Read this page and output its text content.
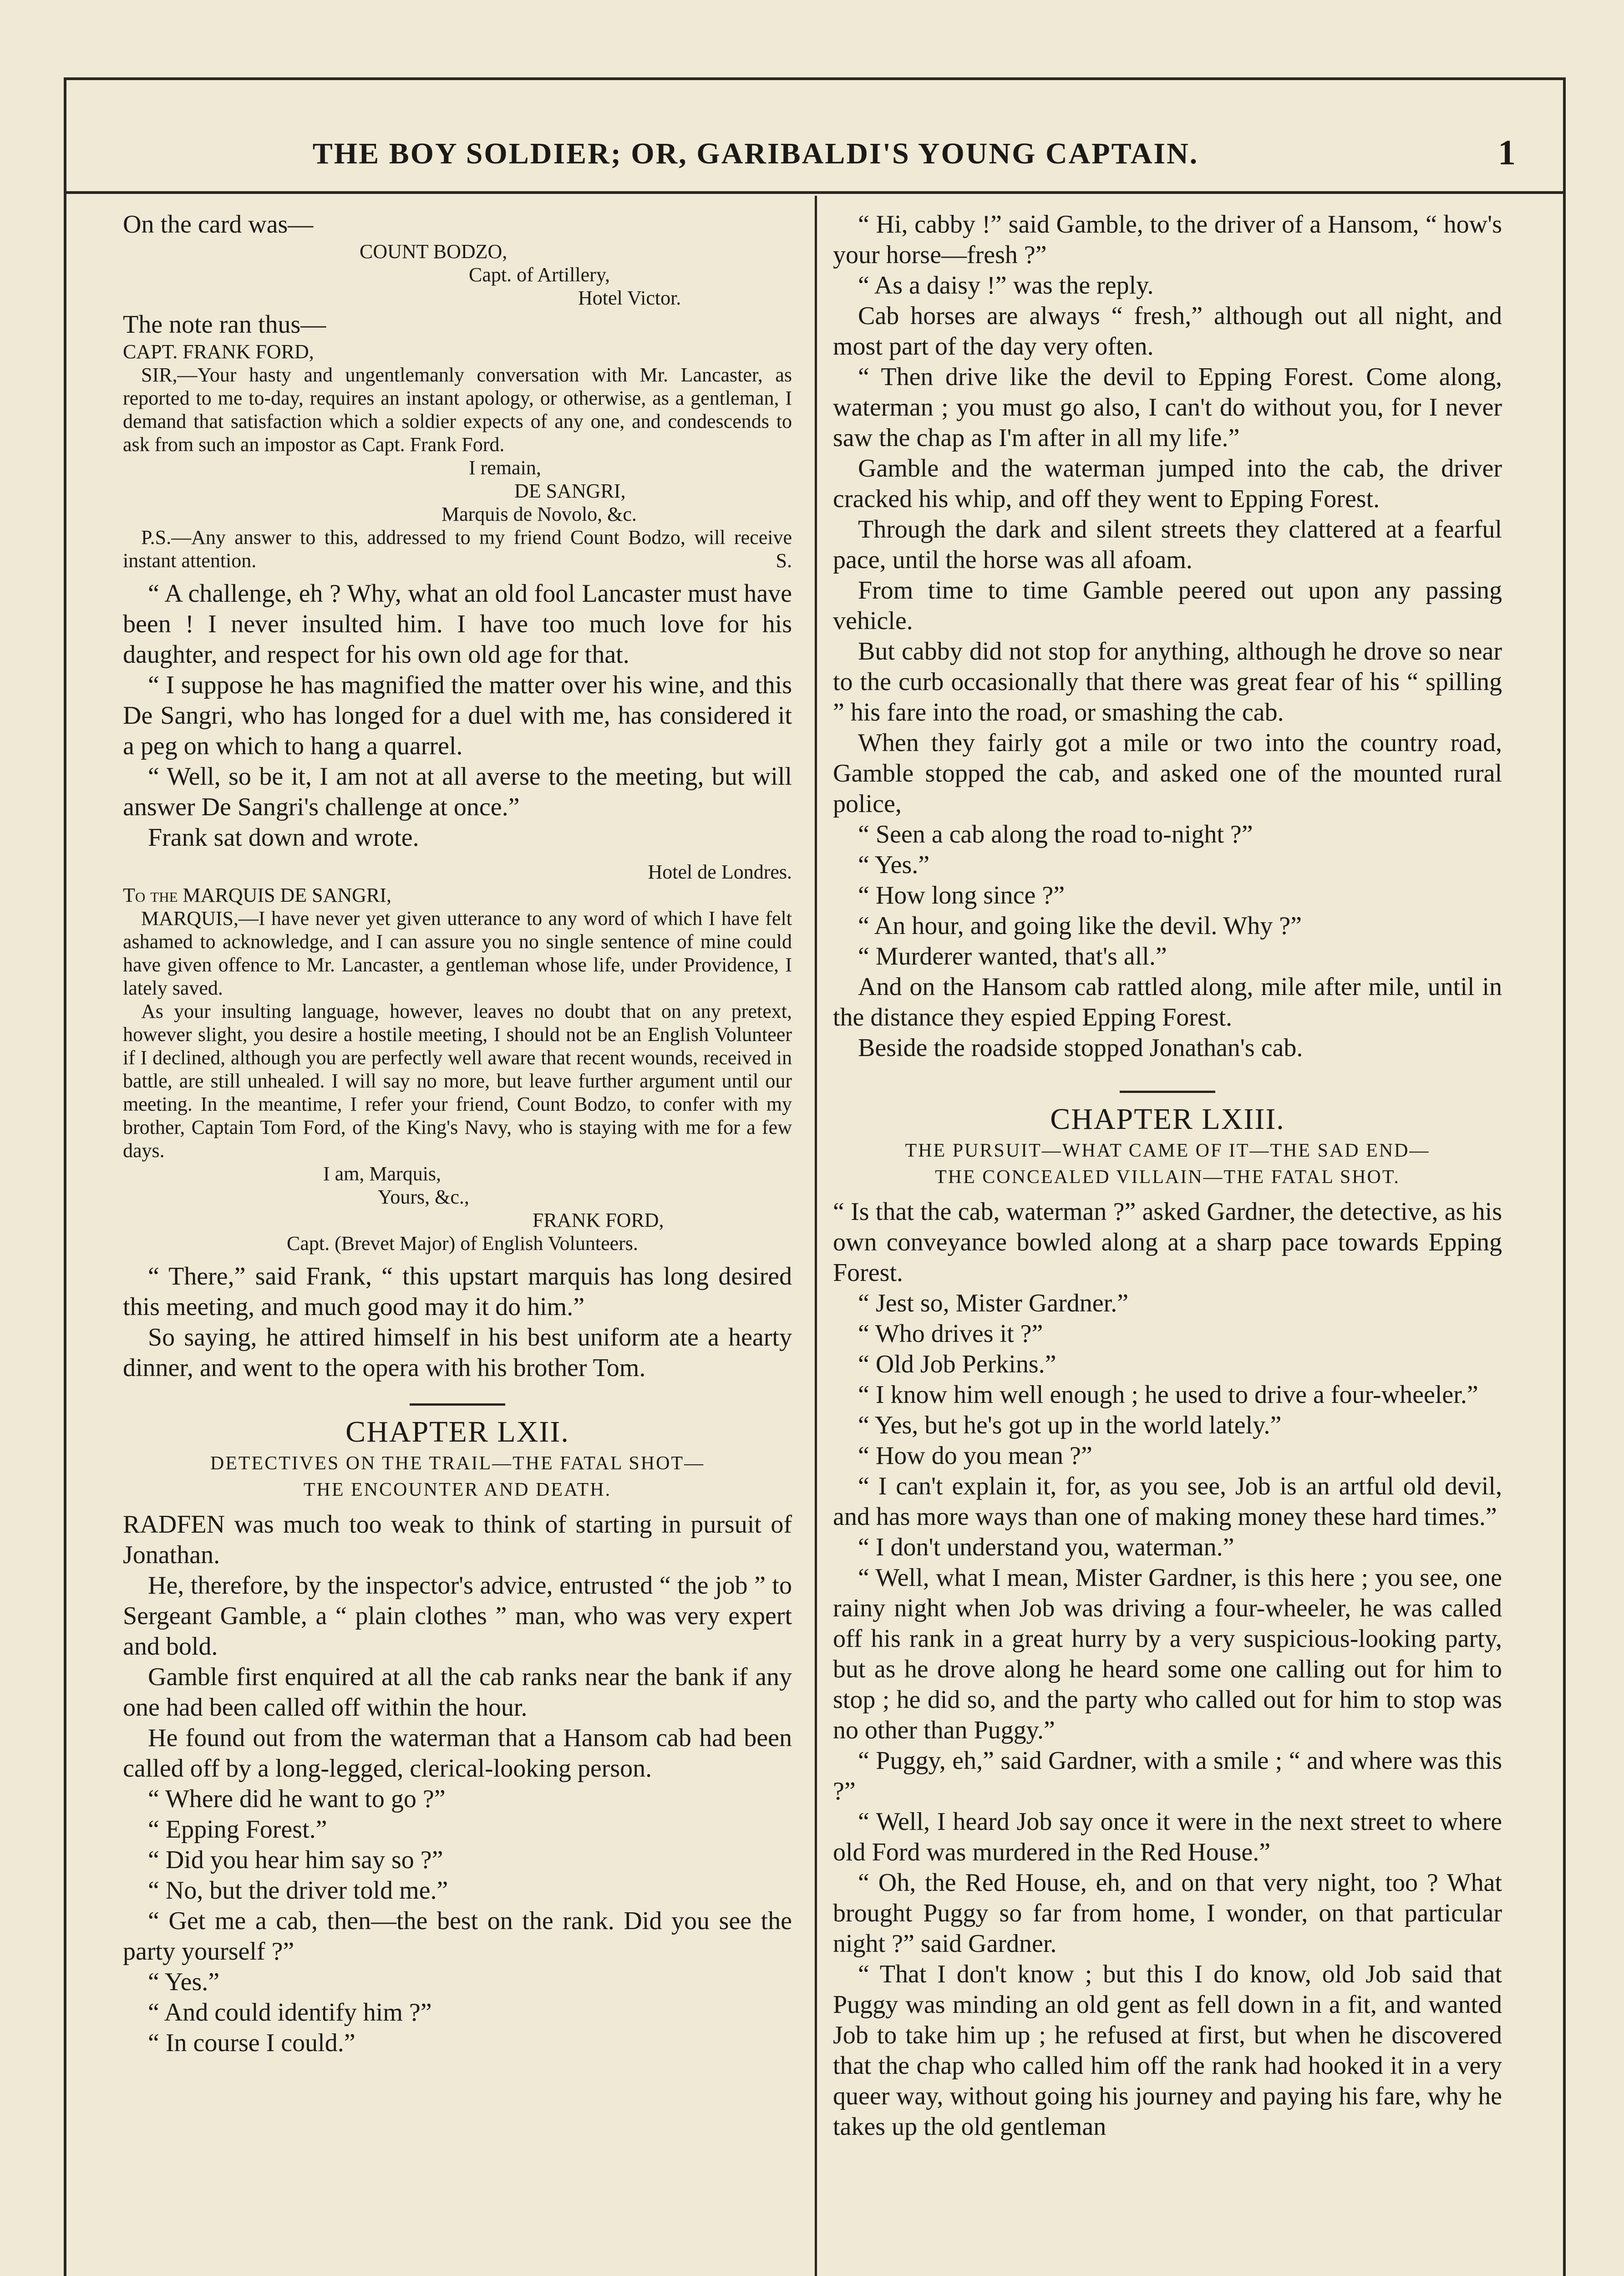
THE BOY SOLDIER; OR, GARIBALDI'S YOUNG CAPTAIN.	1

On the card was—

COUNT BODZO,

Capt. of Artillery,

Hotel Victor.

The note ran thus—

CAPT. FRANK FORD,

SIR,—Your hasty and ungentlemanly conversation with Mr. Lancaster, as reported to me to-day, requires an instant apology, or otherwise, as a gentleman, I demand that satisfaction which a soldier expects of any one, and condescends to ask from such an impostor as Capt. Frank Ford.

I remain,

DE SANGRI,

Marquis de Novolo, &c.

P.S.—Any answer to this, addressed to my friend Count Bodzo, will receive instant attention.	S.

“ A challenge, eh ? Why, what an old fool Lancaster must have been ! I never insulted him. I have too much love for his daughter, and respect for his own old age for that.

“ I suppose he has magnified the matter over his wine, and this De Sangri, who has longed for a duel with me, has considered it a peg on which to hang a quarrel.

“ Well, so be it, I am not at all averse to the meeting, but will answer De Sangri's challenge at once.”

Frank sat down and wrote.

Hotel de Londres.

To the MARQUIS DE SANGRI,

MARQUIS,—I have never yet given utterance to any word of which I have felt ashamed to acknowledge, and I can assure you no single sentence of mine could have given offence to Mr. Lancaster, a gentleman whose life, under Providence, I lately saved.

As your insulting language, however, leaves no doubt that on any pretext, however slight, you desire a hostile meeting, I should not be an English Volunteer if I declined, although you are perfectly well aware that recent wounds, received in battle, are still unhealed. I will say no more, but leave further argument until our meeting. In the meantime, I refer your friend, Count Bodzo, to confer with my brother, Captain Tom Ford, of the King's Navy, who is staying with me for a few days.

I am, Marquis,

Yours, &c.,

FRANK FORD,

Capt. (Brevet Major) of English Volunteers.

“ There,” said Frank, “ this upstart marquis has long desired this meeting, and much good may it do him.”

So saying, he attired himself in his best uniform ate a hearty dinner, and went to the opera with his brother Tom.

CHAPTER LXII.
DETECTIVES ON THE TRAIL—THE FATAL SHOT—
THE ENCOUNTER AND DEATH.

RADFEN was much too weak to think of starting in pursuit of Jonathan.

He, therefore, by the inspector's advice, entrusted “ the job ” to Sergeant Gamble, a “ plain clothes ” man, who was very expert and bold.

Gamble first enquired at all the cab ranks near the bank if any one had been called off within the hour.

He found out from the waterman that a Hansom cab had been called off by a long-legged, clerical-looking person.

“ Where did he want to go ?”

“ Epping Forest.”

“ Did you hear him say so ?”

“ No, but the driver told me.”

“ Get me a cab, then—the best on the rank. Did you see the party yourself ?”

“ Yes.”

“ And could identify him ?”

“ In course I could.”

“ Hi, cabby !” said Gamble, to the driver of a Hansom, “ how's your horse—fresh ?”

“ As a daisy !” was the reply.

Cab horses are always “ fresh,” although out all night, and most part of the day very often.

“ Then drive like the devil to Epping Forest. Come along, waterman ; you must go also, I can't do without you, for I never saw the chap as I'm after in all my life.”

Gamble and the waterman jumped into the cab, the driver cracked his whip, and off they went to Epping Forest.

Through the dark and silent streets they clattered at a fearful pace, until the horse was all afoam.

From time to time Gamble peered out upon any passing vehicle.

But cabby did not stop for anything, although he drove so near to the curb occasionally that there was great fear of his “ spilling ” his fare into the road, or smashing the cab.

When they fairly got a mile or two into the country road, Gamble stopped the cab, and asked one of the mounted rural police,

“ Seen a cab along the road to-night ?”

“ Yes.”

“ How long since ?”

“ An hour, and going like the devil. Why ?”

“ Murderer wanted, that's all.”

And on the Hansom cab rattled along, mile after mile, until in the distance they espied Epping Forest.

Beside the roadside stopped Jonathan's cab.

CHAPTER LXIII.
THE PURSUIT—WHAT CAME OF IT—THE SAD END—
THE CONCEALED VILLAIN—THE FATAL SHOT.

“ Is that the cab, waterman ?” asked Gardner, the detective, as his own conveyance bowled along at a sharp pace towards Epping Forest.

“ Jest so, Mister Gardner.”

“ Who drives it ?”

“ Old Job Perkins.”

“ I know him well enough ; he used to drive a four-wheeler.”

“ Yes, but he's got up in the world lately.”

“ How do you mean ?”

“ I can't explain it, for, as you see, Job is an artful old devil, and has more ways than one of making money these hard times.”

“ I don't understand you, waterman.”

“ Well, what I mean, Mister Gardner, is this here ; you see, one rainy night when Job was driving a four-wheeler, he was called off his rank in a great hurry by a very suspicious-looking party, but as he drove along he heard some one calling out for him to stop ; he did so, and the party who called out for him to stop was no other than Puggy.”

“ Puggy, eh,” said Gardner, with a smile ; “ and where was this ?”

“ Well, I heard Job say once it were in the next street to where old Ford was murdered in the Red House.”

“ Oh, the Red House, eh, and on that very night, too ? What brought Puggy so far from home, I wonder, on that particular night ?” said Gardner.

“ That I don't know ; but this I do know, old Job said that Puggy was minding an old gent as fell down in a fit, and wanted Job to take him up ; he refused at first, but when he discovered that the chap who called him off the rank had hooked it in a very queer way, without going his journey and paying his fare, why he takes up the old gentleman
